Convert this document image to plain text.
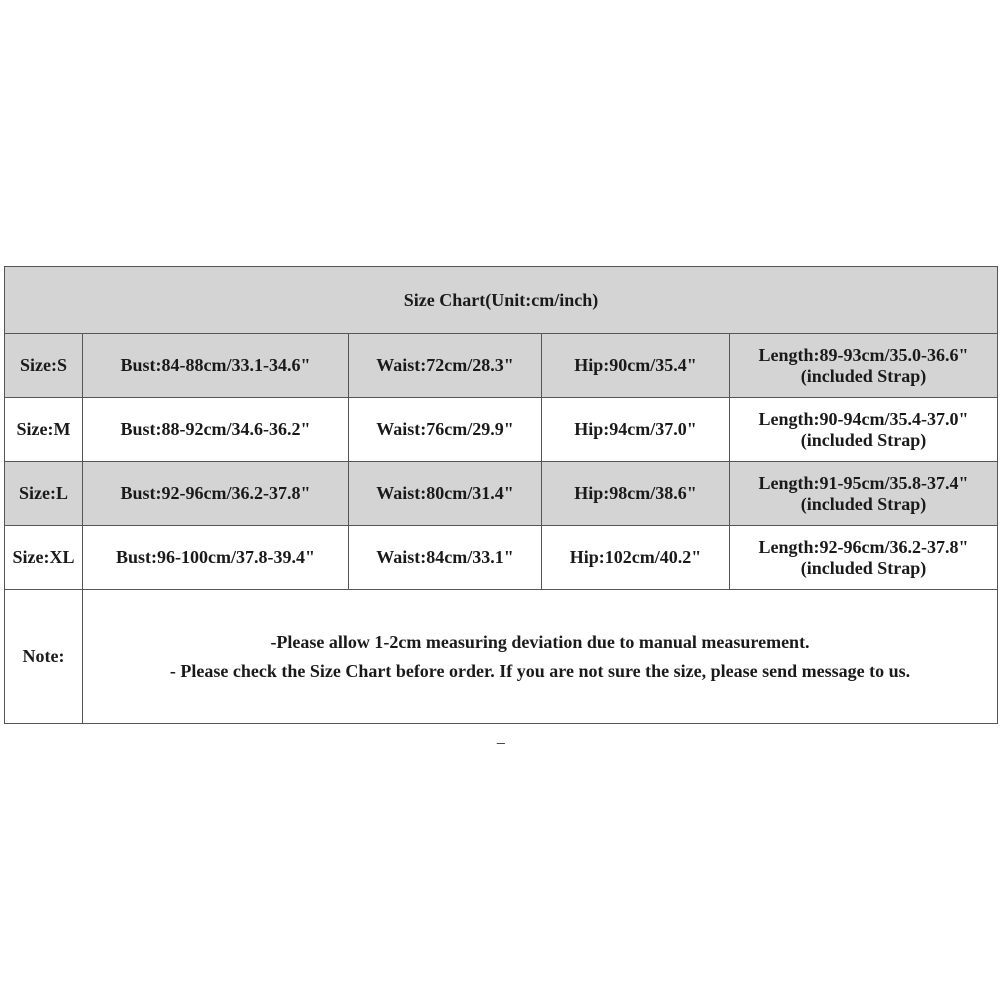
Size Chart(Unit:cm/inch)				
Size:S	Bust:84-88cm/33.1-34.6"	Waist:72cm/28.3"	Hip:90cm/35.4"	Length:89-93cm/35.0-36.6"
(included Strap)

Size:M	Bust:88-92cm/34.6-36.2"	Waist:76cm/29.9"	Hip:94cm/37.0"	Length:90-94cm/35.4-37.0"
(included Strap)

Size:L	Bust:92-96cm/36.2-37.8"	Waist:80cm/31.4"	Hip:98cm/38.6"	Length:91-95cm/35.8-37.4"
(included Strap)

Size:XL	Bust:96-100cm/37.8-39.4"	Waist:84cm/33.1"	Hip:102cm/40.2"	Length:92-96cm/36.2-37.8"
(included Strap)

Note:	-Please allow 1-2cm measuring deviation due to manual measurement.
- Please check the Size Chart before order. If you are not sure the size, please send message to us.			
_
